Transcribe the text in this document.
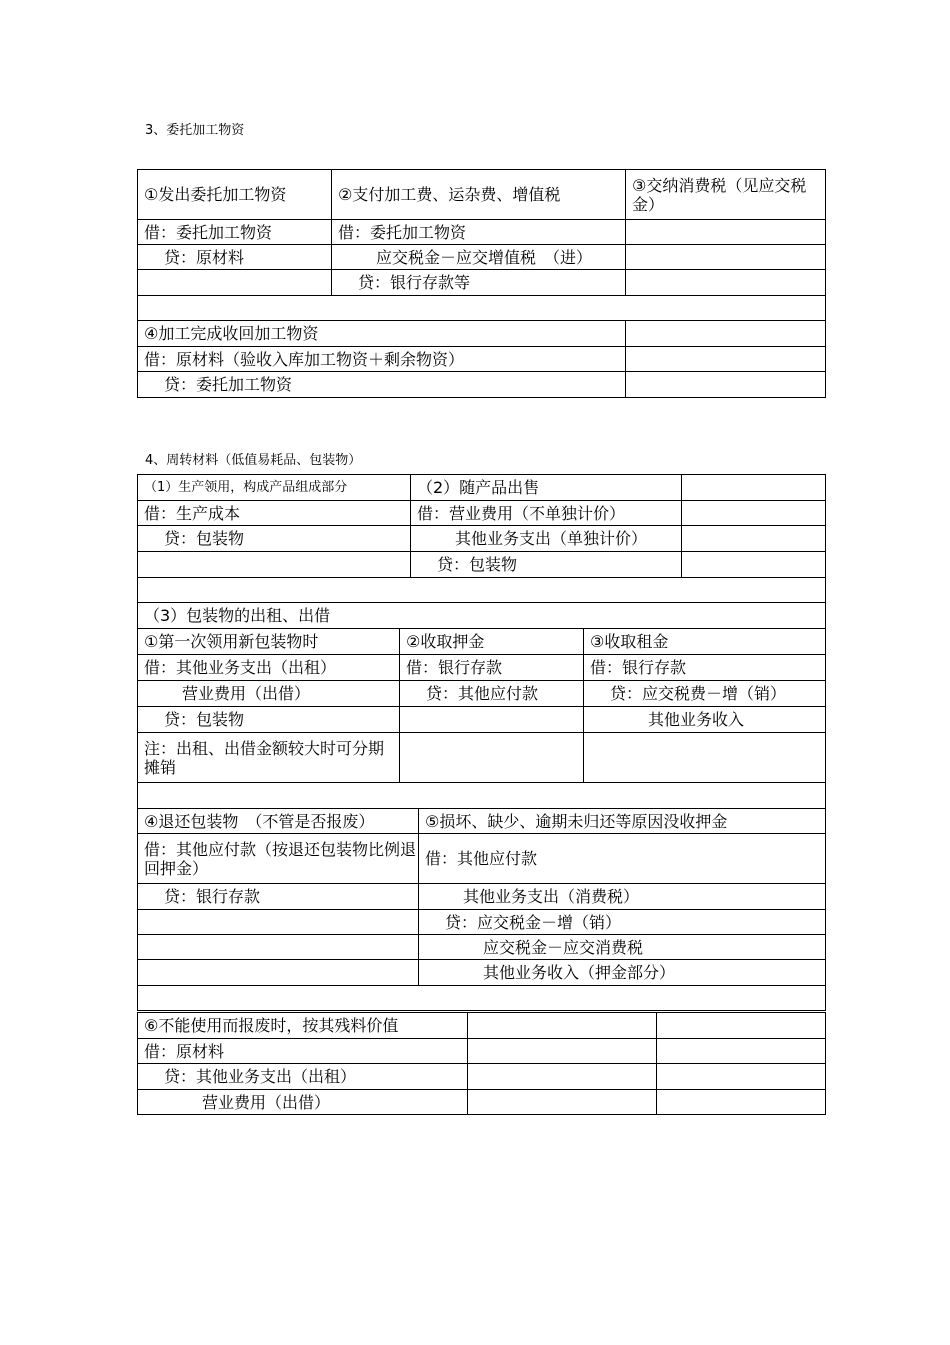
3、委托加工物资
①发出委托加工物资	②支付加工费、运杂费、增值税	③交纳消费税（见应交税金）
借：委托加工物资	借：委托加工物资	
贷：原材料	应交税金－应交增值税　（进）	
	贷：银行存款等	

④加工完成收回加工物资		
借：原材料（验收入库加工物资＋剩余物资）		
贷：委托加工物资		
4、周转材料（低值易耗品、包装物）
（1）生产领用，构成产品组成部分	（2）随产品出售	
借：生产成本	借：营业费用（不单独计价）	
贷：包装物	其他业务支出（单独计价）	
	贷：包装物	

（3）包装物的出租、出借		
①第一次领用新包装物时	②收取押金	③收取租金
借：其他业务支出（出租）	借：银行存款	借：银行存款
营业费用（出借）	贷：其他应付款	贷：应交税费－增（销）
贷：包装物		其他业务收入
注：出租、出借金额较大时可分期摊销		

④退还包装物　（不管是否报废）	⑤损坏、缺少、逾期未归还等原因没收押金
借：其他应付款（按退还包装物比例退回押金）	借：其他应付款
贷：银行存款	其他业务支出（消费税）
	贷：应交税金－增（销）
	应交税金－应交消费税
	其他业务收入（押金部分）

⑥不能使用而报废时，按其残料价值		
借：原材料		
贷：其他业务支出（出租）		
营业费用（出借）		
